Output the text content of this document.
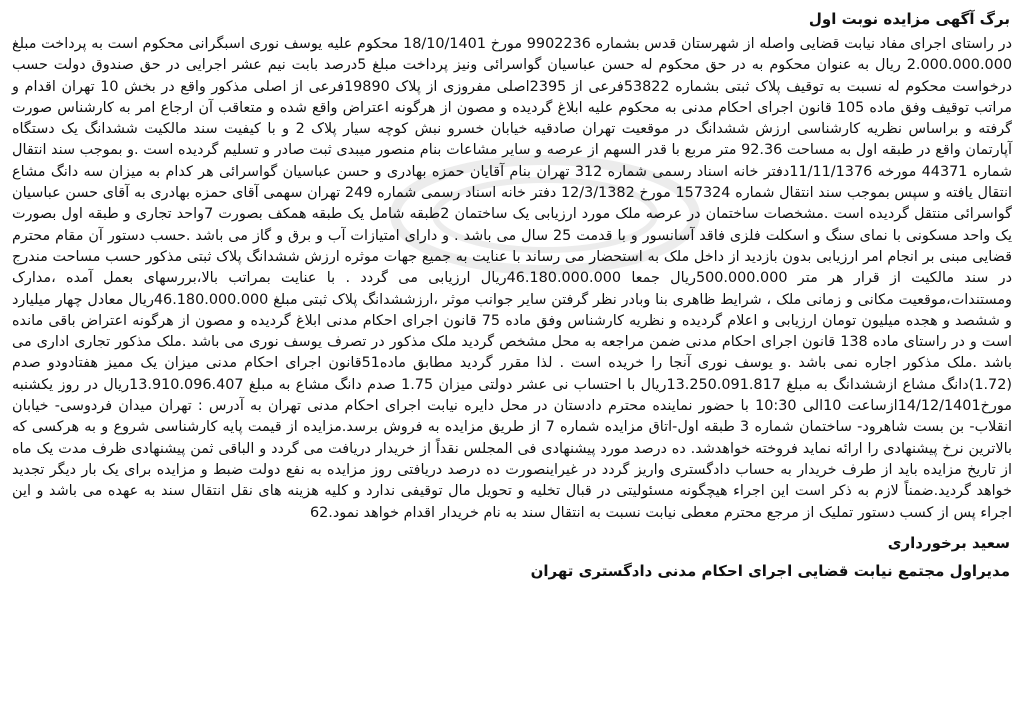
برگ آگهی مزایده نوبت اول
در راستای اجرای مفاد نیابت قضایی واصله از شهرستان قدس بشماره 9902236 مورخ 18/10/1401 محکوم علیه یوسف نوری اسبگرانی محکوم است به پرداخت مبلغ 2.000.000.000 ریال به عنوان محکوم به در حق محکوم له حسن عباسیان گواسرائی ونیز پرداخت مبلغ 5درصد بابت نیم عشر اجرایی در حق صندوق دولت حسب درخواست محکوم له نسبت به توقیف پلاک ثبتی بشماره 53822فرعی از 2395اصلی مفروزی از پلاک 19890فرعی از اصلی مذکور واقع در بخش 10 تهران اقدام و مراتب توقیف وفق ماده 105 قانون اجرای احکام مدنی به محکوم علیه ابلاغ گردیده و مصون از هرگونه اعتراض واقع شده و متعاقب آن ارجاع امر به کارشناس صورت گرفته و براساس نظریه کارشناسی ارزش ششدانگ در موقعیت تهران صادقیه خیابان خسرو نبش کوچه سیار پلاک 2 و با کیفیت سند مالکیت ششدانگ یک دستگاه آپارتمان واقع در طبقه اول به مساحت 92.36 متر مربع با قدر السهم از عرصه و سایر مشاعات بنام منصور میبدی ثبت صادر و تسلیم گردیده است .و بموجب سند انتقال شماره 44371 مورخه 11/11/1376دفتر خانه اسناد رسمی شماره 312 تهران بنام آقایان حمزه بهادری و حسن عباسیان گواسرائی هر کدام به میزان سه دانگ مشاع انتقال یافته و سپس بموجب سند انتقال شماره 157324 مورخ 12/3/1382 دفتر خانه اسناد رسمی شماره 249 تهران سهمی آقای حمزه بهادری به آقای حسن عباسیان گواسرائی منتقل گردیده است .مشخصات ساختمان در عرصه ملک مورد ارزیابی یک ساختمان 2طبقه شامل یک طبقه همکف بصورت 7واحد تجاری و طبقه اول بصورت یک واحد مسکونی با نمای سنگ و اسکلت فلزی فاقد آسانسور و با قدمت 25 سال می باشد . و دارای امتیازات آب و برق و گاز می باشد .حسب دستور آن مقام محترم قضایی مبنی بر انجام امر ارزیابی بدون بازدید از داخل ملک به استحضار می رساند با عنایت به جمیع جهات موثره ارزش ششدانگ پلاک ثبتی مذکور حسب مساحت مندرج در سند مالکیت از قرار هر متر 500.000.000ریال جمعا 46.180.000.000ریال ارزیابی می گردد . با عنایت بمراتب بالا،بررسهای بعمل آمده ،مدارک ومستندات،موقعیت مکانی و زمانی ملک ، شرایط ظاهری بنا وبادر نظر گرفتن سایر جوانب موثر ،ارزششدانگ پلاک ثبتی مبلغ 46.180.000.000ریال معادل چهار میلیارد و ششصد و هجده میلیون تومان ارزیابی و اعلام گردیده و نظریه کارشناس وفق ماده 75 قانون اجرای احکام مدنی ابلاغ گردیده و مصون از هرگونه اعتراض باقی مانده است و در راستای ماده 138 قانون اجرای احکام مدنی ضمن مراجعه به محل مشخص گردید ملک مذکور در تصرف یوسف نوری می باشد .ملک مذکور تجاری اداری می باشد .ملک مذکور اجاره نمی باشد .و یوسف نوری آنجا را خریده است . لذا مقرر گردید مطابق ماده51قانون اجرای احکام مدنی میزان یک ممیز هفتادودو صدم (1.72)دانگ مشاع ازششدانگ به مبلغ 13.250.091.817ریال با احتساب نی عشر دولتی میزان 1.75 صدم دانگ مشاع به مبلغ 13.910.096.407ریال در روز یکشنبه مورخ14/12/1401ازساعت 10الی 10:30 با حضور نماینده محترم دادستان در محل دایره نیابت اجرای احکام مدنی تهران به آدرس : تهران میدان فردوسی- خیابان انقلاب- بن بست شاهرود- ساختمان شماره 3 طبقه اول-اتاق مزایده شماره 7 از طریق مزایده به فروش برسد.مزایده از قیمت پایه کارشناسی شروع و به هرکسی که بالاترین نرخ پیشنهادی را ارائه نماید فروخته خواهدشد. ده درصد مورد پیشنهادی فی المجلس نقداً از خریدار دریافت می گردد و الباقی ثمن پیشنهادی ظرف مدت یک ماه از تاریخ مزایده باید از طرف خریدار به حساب دادگستری واریز گردد در غیراینصورت ده درصد دریافتی روز مزایده به نفع دولت ضبط و مزایده برای یک بار دیگر تجدید خواهد گردید.ضمناً لازم به ذکر است این اجراء هیچگونه مسئولیتی در قبال تخلیه و تحویل مال توقیفی ندارد و کلیه هزینه های نقل انتقال سند به عهده می باشد و این اجراء پس از کسب دستور تملیک از مرجع محترم معطی نیابت نسبت به انتقال سند به نام خریدار اقدام خواهد نمود.62
سعید برخورداری
مدیراول مجتمع نیابت قضایی اجرای احکام مدنی دادگستری تهران
